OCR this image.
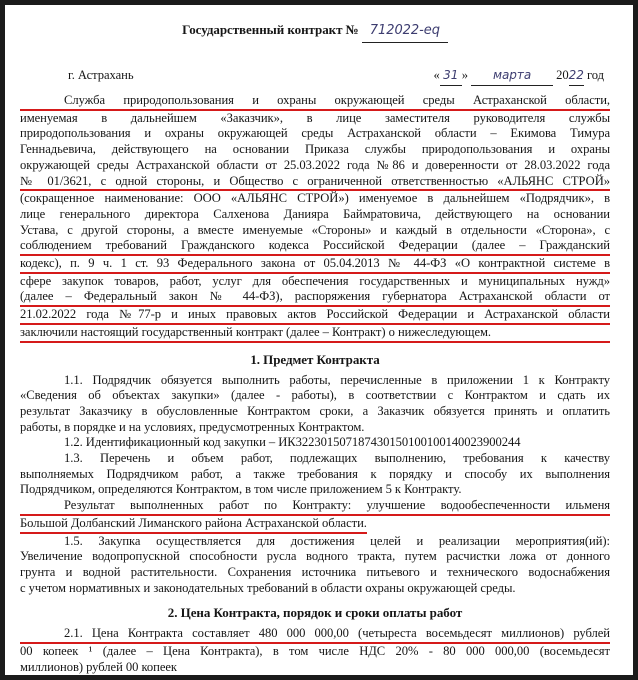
Государственный контракт № 712022-eq
г. Астрахань	« 31 » марта 2022 год
Служба природопользования и охраны окружающей среды Астраханской области,
именуемая в дальнейшем «Заказчик», в лице заместителя руководителя службы
природопользования и охраны окружающей среды Астраханской области – Екимова Тимура
Геннадьевича, действующего на основании Приказа службы природопользования и охраны
окружающей среды Астраханской области от 25.03.2022 года №86 и доверенности от 28.03.2022 года
№ 01/3621, с одной стороны, и Общество с ограниченной ответственностью «АЛЬЯНС СТРОЙ»
(сокращенное наименование: ООО «АЛЬЯНС СТРОЙ») именуемое в дальнейшем «Подрядчик», в
лице генерального директора Салхенова Данияра Баймратовича, действующего на основании
Устава, с другой стороны, а вместе именуемые «Стороны» и каждый в отдельности «Сторона», с
соблюдением требований Гражданского кодекса Российской Федерации (далее – Гражданский
кодекс), п. 9 ч. 1 ст. 93 Федерального закона от 05.04.2013 № 44-ФЗ «О контрактной системе в
сфере закупок товаров, работ, услуг для обеспечения государственных и муниципальных нужд»
(далее – Федеральный закон № 44-ФЗ), распоряжения губернатора Астраханской области от
21.02.2022 года №77-р и иных правовых актов Российской Федерации и Астраханской области
заключили настоящий государственный контракт (далее – Контракт) о нижеследующем.
1. Предмет Контракта
1.1. Подрядчик обязуется выполнить работы, перечисленные в приложении 1 к Контракту
«Сведения об объектах закупки» (далее - работы), в соответствии с Контрактом и сдать их
результат Заказчику в обусловленные Контрактом сроки, а Заказчик обязуется принять и оплатить
работы, в порядке и на условиях, предусмотренных Контрактом.
1.2. Идентификационный код закупки – ИК322301507187430150100100140023900244
1.3. Перечень и объем работ, подлежащих выполнению, требования к качеству
выполняемых Подрядчиком работ, а также требования к порядку и способу их выполнения
Подрядчиком, определяются Контрактом, в том числе приложением 5 к Контракту.
Результат выполненных работ по Контракту: улучшение водообеспеченности ильменя
Большой Долбанский Лиманского района Астраханской области.
1.5. Закупка осуществляется для достижения целей и реализации мероприятия(ий):
Увеличение водопропускной способности русла водного тракта, путем расчистки ложа от донного
грунта и водной растительности. Сохранения источника питьевого и технического водоснабжения
с учетом нормативных и законодательных требований в области охраны окружающей среды.
2. Цена Контракта, порядок и сроки оплаты работ
2.1. Цена Контракта составляет 480 000 000,00 (четыреста восемьдесят миллионов) рублей
00 копеек ¹ (далее – Цена Контракта), в том числе НДС 20% - 80 000 000,00 (восемьдесят
миллионов) рублей 00 копеек
